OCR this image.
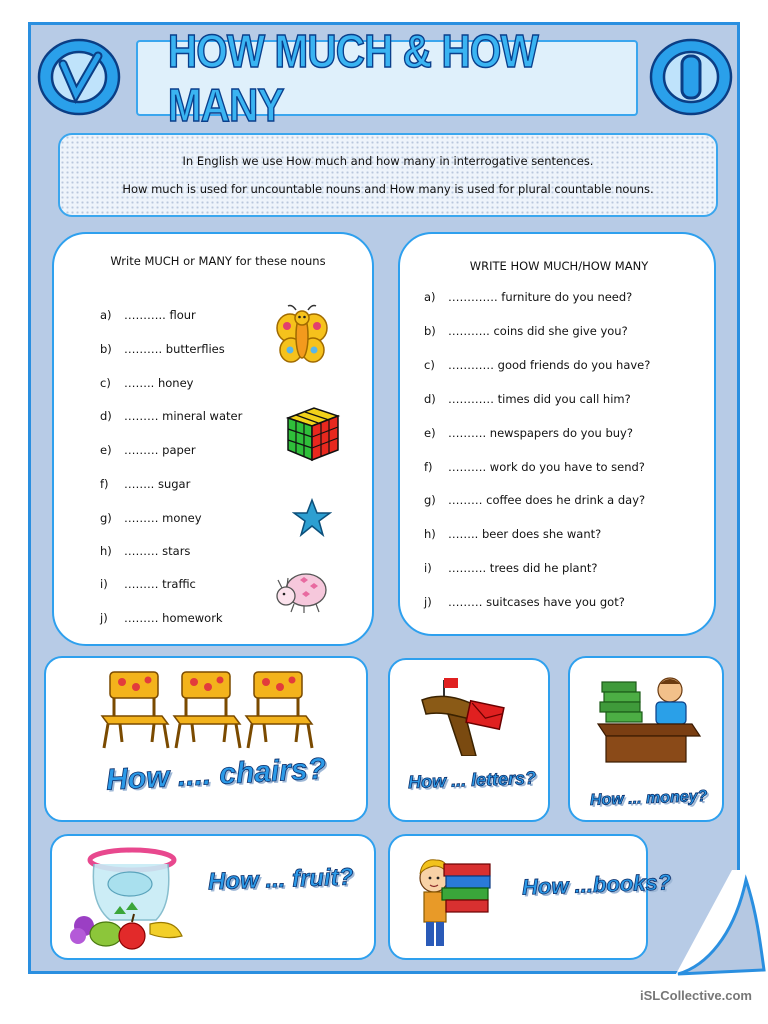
HOW MUCH & HOW MANY

In English we use How much and how many in interrogative sentences.

How much is used for uncountable nouns and How many is used for plural countable nouns.

Write MUCH or MANY for these nouns
a) ……….. flour
b) ………. butterflies
c) …….. honey
d) ……… mineral water
e) ……… paper
f) …….. sugar
g) ……… money
h) ……… stars
i) ……… traffic
j) ……… homework
WRITE HOW MUCH/HOW MANY
a) …………. furniture do you need?
b) ……….. coins did she give you?
c) ………… good friends do you have?
d) ………… times did you call him?
e) ………. newspapers do you buy?
f) ………. work do you have to send?
g) ……… coffee does he drink a day?
h) …….. beer does she want?
i) ………. trees did he plant?
j) ……… suitcases have you got?
How .... chairs?	How ... letters?
How ... money?
How ... fruit?	How ...books?
iSLCollective.com
